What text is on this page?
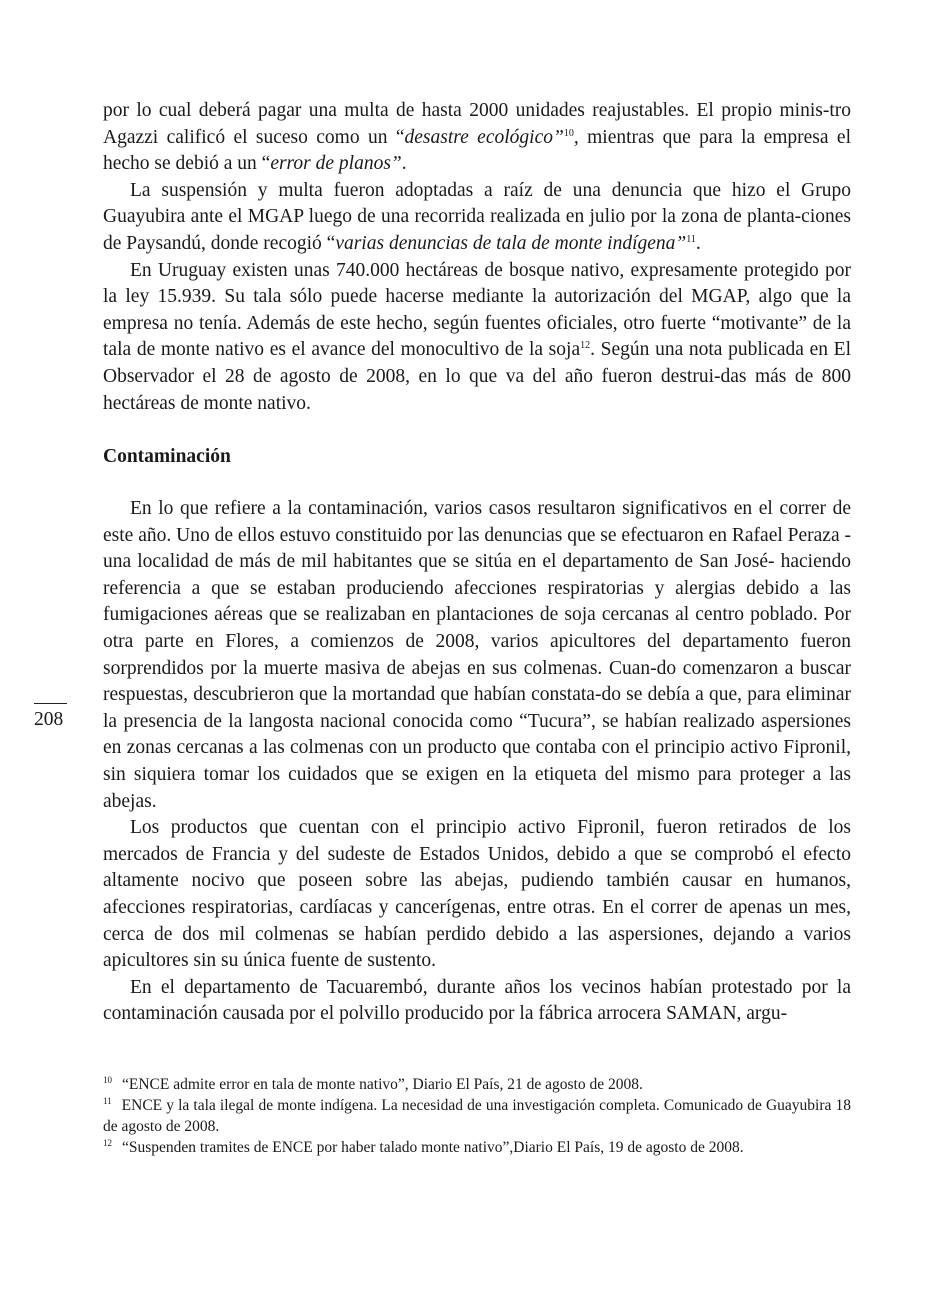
por lo cual deberá pagar una multa de hasta 2000 unidades reajustables. El propio minis-tro Agazzi calificó el suceso como un “desastre ecológico”$^{10}$, mientras que para la empresa el hecho se debió a un “error de planos”.

La suspensión y multa fueron adoptadas a raíz de una denuncia que hizo el Grupo Guayubira ante el MGAP luego de una recorrida realizada en julio por la zona de planta-ciones de Paysandú, donde recogió “varias denuncias de tala de monte indígena”$^{11}$.

En Uruguay existen unas 740.000 hectáreas de bosque nativo, expresamente protegido por la ley 15.939. Su tala sólo puede hacerse mediante la autorización del MGAP, algo que la empresa no tenía. Además de este hecho, según fuentes oficiales, otro fuerte “motivante” de la tala de monte nativo es el avance del monocultivo de la soja$^{12}$. Según una nota publicada en El Observador el 28 de agosto de 2008, en lo que va del año fueron destrui-das más de 800 hectáreas de monte nativo.

Contaminación

En lo que refiere a la contaminación, varios casos resultaron significativos en el correr de este año. Uno de ellos estuvo constituido por las denuncias que se efectuaron en Rafael Peraza -una localidad de más de mil habitantes que se sitúa en el departamento de San José- haciendo referencia a que se estaban produciendo afecciones respiratorias y alergias debido a las fumigaciones aéreas que se realizaban en plantaciones de soja cercanas al centro poblado. Por otra parte en Flores, a comienzos de 2008, varios apicultores del departamento fueron sorprendidos por la muerte masiva de abejas en sus colmenas. Cuan-do comenzaron a buscar respuestas, descubrieron que la mortandad que habían constata-do se debía a que, para eliminar la presencia de la langosta nacional conocida como “Tucura”, se habían realizado aspersiones en zonas cercanas a las colmenas con un producto que contaba con el principio activo Fipronil, sin siquiera tomar los cuidados que se exigen en la etiqueta del mismo para proteger a las abejas.

Los productos que cuentan con el principio activo Fipronil, fueron retirados de los mercados de Francia y del sudeste de Estados Unidos, debido a que se comprobó el efecto altamente nocivo que poseen sobre las abejas, pudiendo también causar en humanos, afecciones respiratorias, cardíacas y cancerígenas, entre otras. En el correr de apenas un mes, cerca de dos mil colmenas se habían perdido debido a las aspersiones, dejando a varios apicultores sin su única fuente de sustento.

En el departamento de Tacuarembó, durante años los vecinos habían protestado por la contaminación causada por el polvillo producido por la fábrica arrocera SAMAN, argu-

208

$^{10}$ “ENCE admite error en tala de monte nativo”, Diario El País, 21 de agosto de 2008.

$^{11}$ ENCE y la tala ilegal de monte indígena. La necesidad de una investigación completa. Comunicado de Guayubira 18 de agosto de 2008.

$^{12}$ “Suspenden tramites de ENCE por haber talado monte nativo”,Diario El País, 19 de agosto de 2008.
